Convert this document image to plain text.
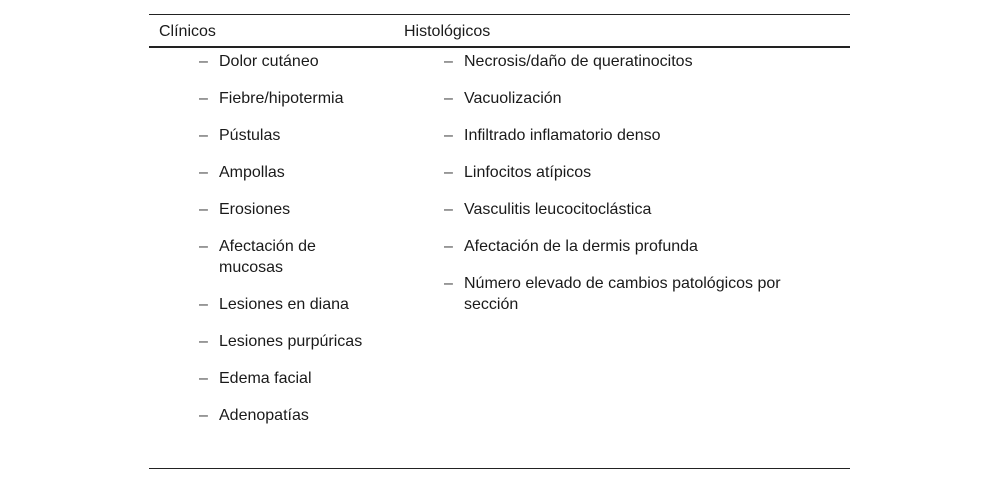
Clínicos	Histológicos
– Dolor cutáneo
– Fiebre/hipotermia
– Pústulas
– Ampollas
– Erosiones
– Afectación de mucosas
– Lesiones en diana
– Lesiones purpúricas
– Edema facial
– Adenopatías
– Necrosis/daño de queratinocitos
– Vacuolización
– Infiltrado inflamatorio denso
– Linfocitos atípicos
– Vasculitis leucocitoclástica
– Afectación de la dermis profunda
– Número elevado de cambios patológicos por sección
